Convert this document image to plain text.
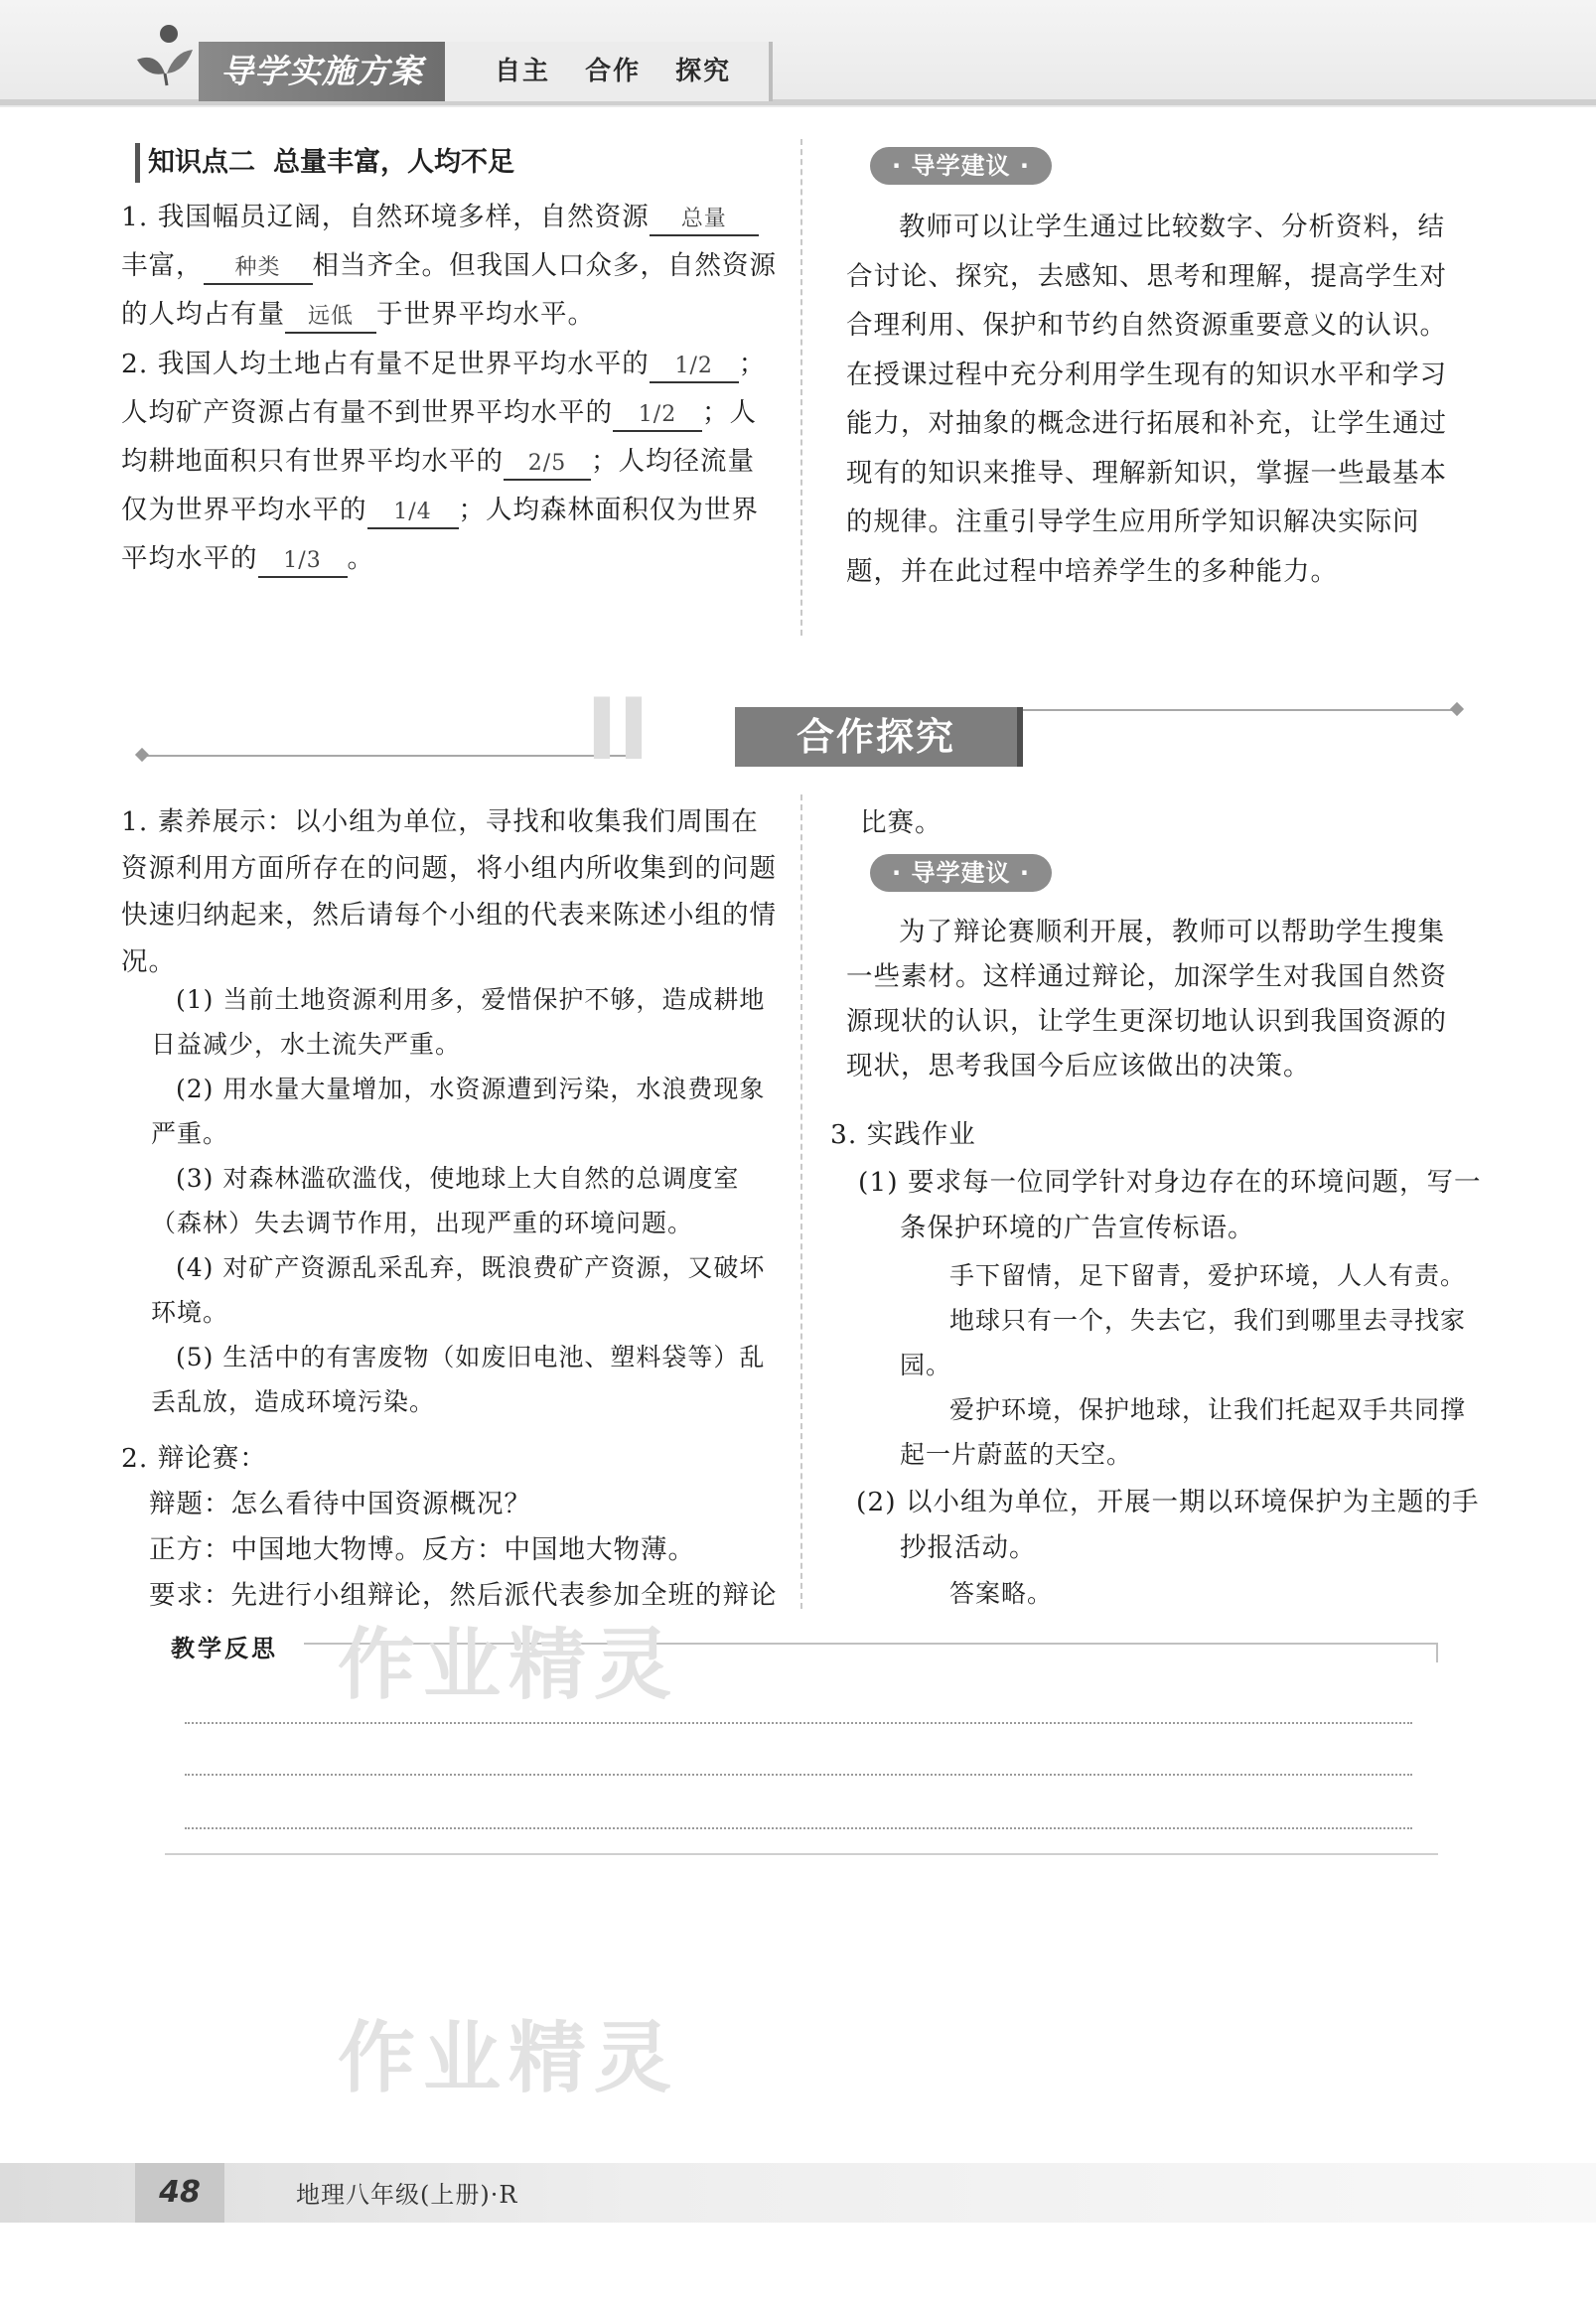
导学实施方案	自主 合作 探究
知识点二 总量丰富，人均不足
1. 我国幅员辽阔，自然环境多样，自然资源 总量丰富， 种类 相当齐全。但我国人口众多，自然资源的人均占有量 远低 于世界平均水平。
2. 我国人均土地占有量不足世界平均水平的 1/2 ；人均矿产资源占有量不到世界平均水平的 1/2 ；人均耕地面积只有世界平均水平的 2/5 ；人均径流量仅为世界平均水平的 1/4 ；人均森林面积仅为世界平均水平的 1/3 。
· 导学建议 ·
教师可以让学生通过比较数字、分析资料，结合讨论、探究，去感知、思考和理解，提高学生对合理利用、保护和节约自然资源重要意义的认识。在授课过程中充分利用学生现有的知识水平和学习能力，对抽象的概念进行拓展和补充，让学生通过现有的知识来推导、理解新知识，掌握一些最基本的规律。注重引导学生应用所学知识解决实际问题，并在此过程中培养学生的多种能力。
II	合作探究
1. 素养展示：以小组为单位，寻找和收集我们周围在资源利用方面所存在的问题，将小组内所收集到的问题快速归纳起来，然后请每个小组的代表来陈述小组的情况。
(1) 当前土地资源利用多，爱惜保护不够，造成耕地日益减少，水土流失严重。
(2) 用水量大量增加，水资源遭到污染，水浪费现象严重。
(3) 对森林滥砍滥伐，使地球上大自然的总调度室（森林）失去调节作用，出现严重的环境问题。
(4) 对矿产资源乱采乱弃，既浪费矿产资源，又破坏环境。
(5) 生活中的有害废物（如废旧电池、塑料袋等）乱丢乱放，造成环境污染。
2. 辩论赛：
辩题：怎么看待中国资源概况？
正方：中国地大物博。反方：中国地大物薄。
要求：先进行小组辩论，然后派代表参加全班的辩论
比赛。
· 导学建议 ·
为了辩论赛顺利开展，教师可以帮助学生搜集一些素材。这样通过辩论，加深学生对我国自然资源现状的认识，让学生更深切地认识到我国资源的现状，思考我国今后应该做出的决策。
3. 实践作业
(1) 要求每一位同学针对身边存在的环境问题，写一条保护环境的广告宣传标语。
手下留情，足下留青，爱护环境，人人有责。
地球只有一个，失去它，我们到哪里去寻找家园。
爱护环境，保护地球，让我们托起双手共同撑起一片蔚蓝的天空。
(2) 以小组为单位，开展一期以环境保护为主题的手抄报活动。
答案略。
教学反思 作业精灵
作业精灵
48	地理八年级(上册)·R
